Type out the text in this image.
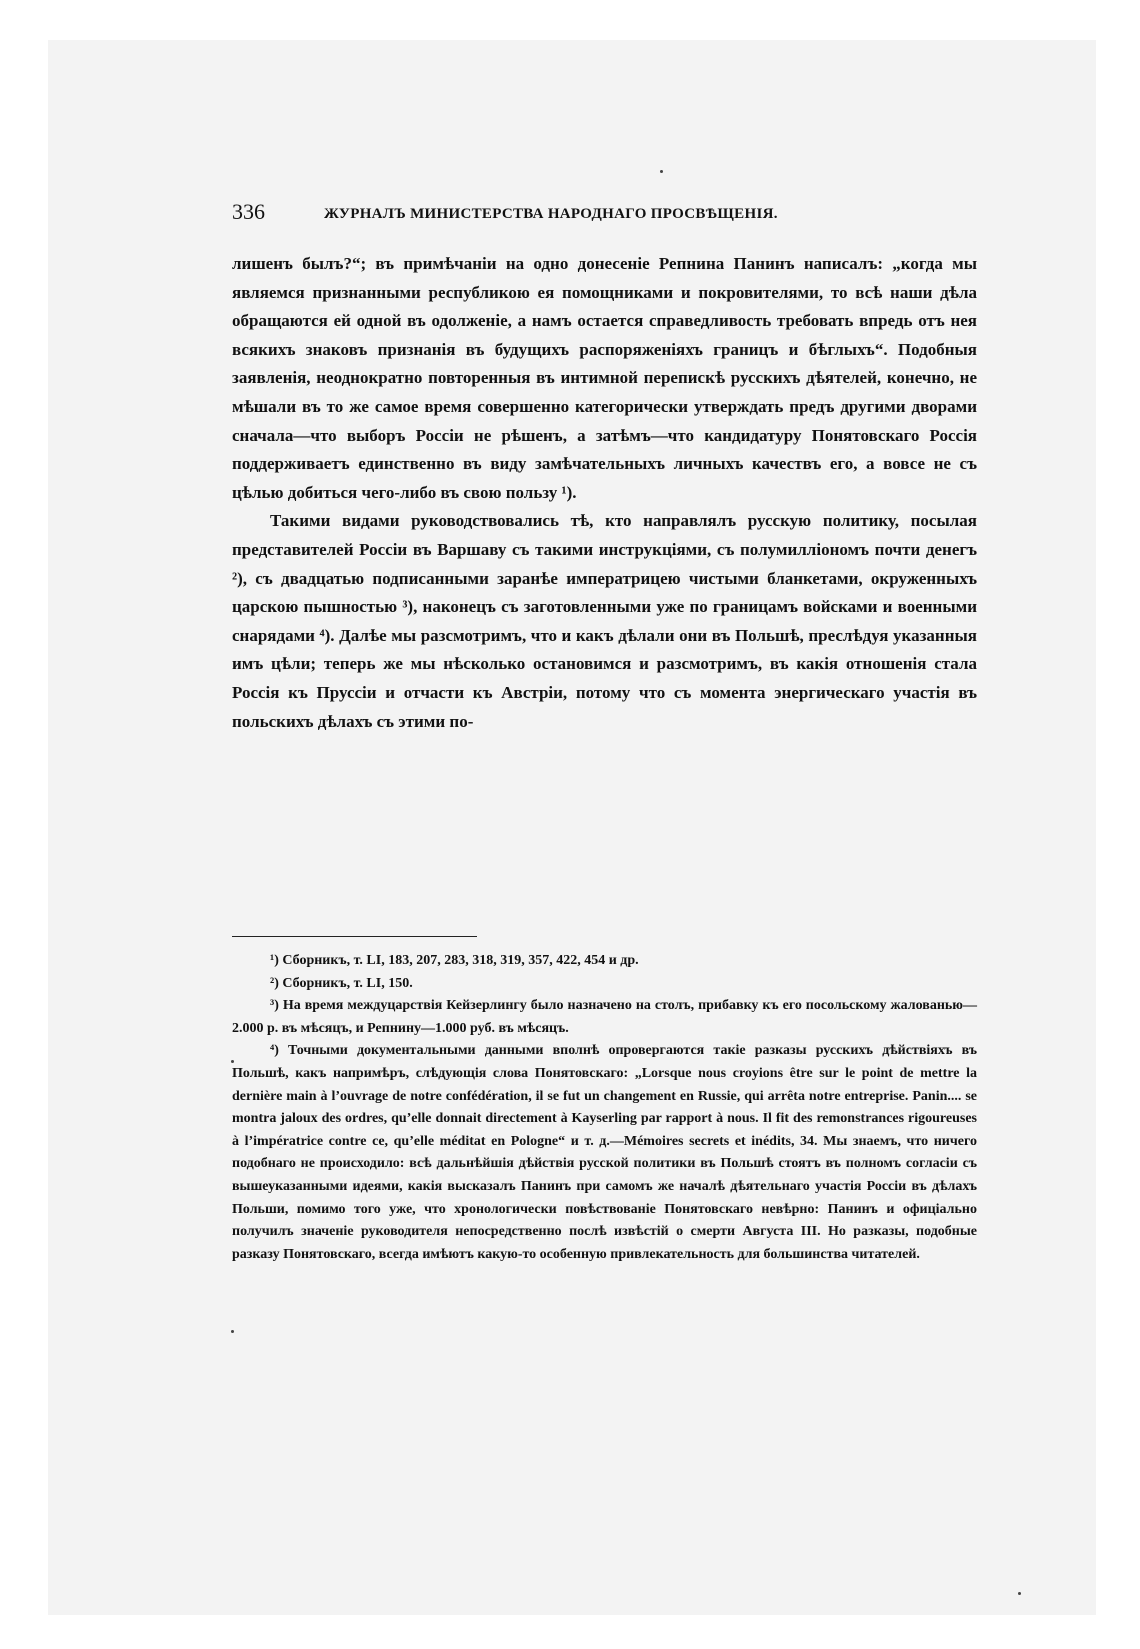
336	ЖУРНАЛЪ МИНИСТЕРСТВА НАРОДНАГО ПРОСВѢЩЕНІЯ.

лишенъ былъ?“; въ примѣчаніи на одно донесеніе Репнина Панинъ написалъ: „когда мы являемся признанными республикою ея помощниками и покровителями, то всѣ наши дѣла обращаются ей одной въ одолженіе, а намъ остается справедливость требовать впредь отъ нея всякихъ знаковъ признанія въ будущихъ распоряженіяхъ границъ и бѣглыхъ“. Подобныя заявленія, неоднократно повторенныя въ интимной перепискѣ русскихъ дѣятелей, конечно, не мѣшали въ то же самое время совершенно категорически утверждать предъ другими дворами сначала—что выборъ Россіи не рѣшенъ, а затѣмъ—что кандидатуру Понятовскаго Россія поддерживаетъ единственно въ виду замѣчательныхъ личныхъ качествъ его, а вовсе не съ цѣлью добиться чего-либо въ свою пользу ¹).

Такими видами руководствовались тѣ, кто направлялъ русскую политику, посылая представителей Россіи въ Варшаву съ такими инструкціями, съ полумилліономъ почти денегъ ²), съ двадцатью подписанными заранѣе императрицею чистыми бланкетами, окруженныхъ царскою пышностью ³), наконецъ съ заготовленными уже по границамъ войсками и военными снарядами ⁴). Далѣе мы разсмотримъ, что и какъ дѣлали они въ Польшѣ, преслѣдуя указанныя имъ цѣли; теперь же мы нѣсколько остановимся и разсмотримъ, въ какія отношенія стала Россія къ Пруссіи и отчасти къ Австріи, потому что съ момента энергическаго участія въ польскихъ дѣлахъ съ этими по-

¹) Сборникъ, т. LI, 183, 207, 283, 318, 319, 357, 422, 454 и др.

²) Сборникъ, т. LI, 150.

³) На время междуцарствія Кейзерлингу было назначено на столъ, прибавку къ его посольскому жалованью—2.000 р. въ мѣсяцъ, и Репнину—1.000 руб. въ мѣсяцъ.

⁴) Точными документальными данными вполнѣ опровергаются такіе разказы русскихъ дѣйствіяхъ въ Польшѣ, какъ напримѣръ, слѣдующія слова Понятовскаго: „Lorsque nous croyions être sur le point de mettre la dernière main à l’ouvrage de notre confédération, il se fut un changement en Russie, qui arrêta notre entreprise. Panin.... se montra jaloux des ordres, qu’elle donnait directement à Kayserling par rapport à nous. Il fit des remonstrances rigoureuses à l’impératrice contre ce, qu’elle méditat en Pologne“ и т. д.—Mémoires secrets et inédits, 34. Мы знаемъ, что ничего подобнаго не происходило: всѣ дальнѣйшія дѣйствія русской политики въ Польшѣ стоятъ въ полномъ согласіи съ вышеуказанными идеями, какія высказалъ Панинъ при самомъ же началѣ дѣятельнаго участія Россіи въ дѣлахъ Польши, помимо того уже, что хронологически повѣствованіе Понятовскаго невѣрно: Панинъ и офиціально получилъ значеніе руководителя непосредственно послѣ извѣстій о смерти Августа III. Но разказы, подобные разказу Понятовскаго, всегда имѣютъ какую-то особенную привлекательность для большинства читателей.
